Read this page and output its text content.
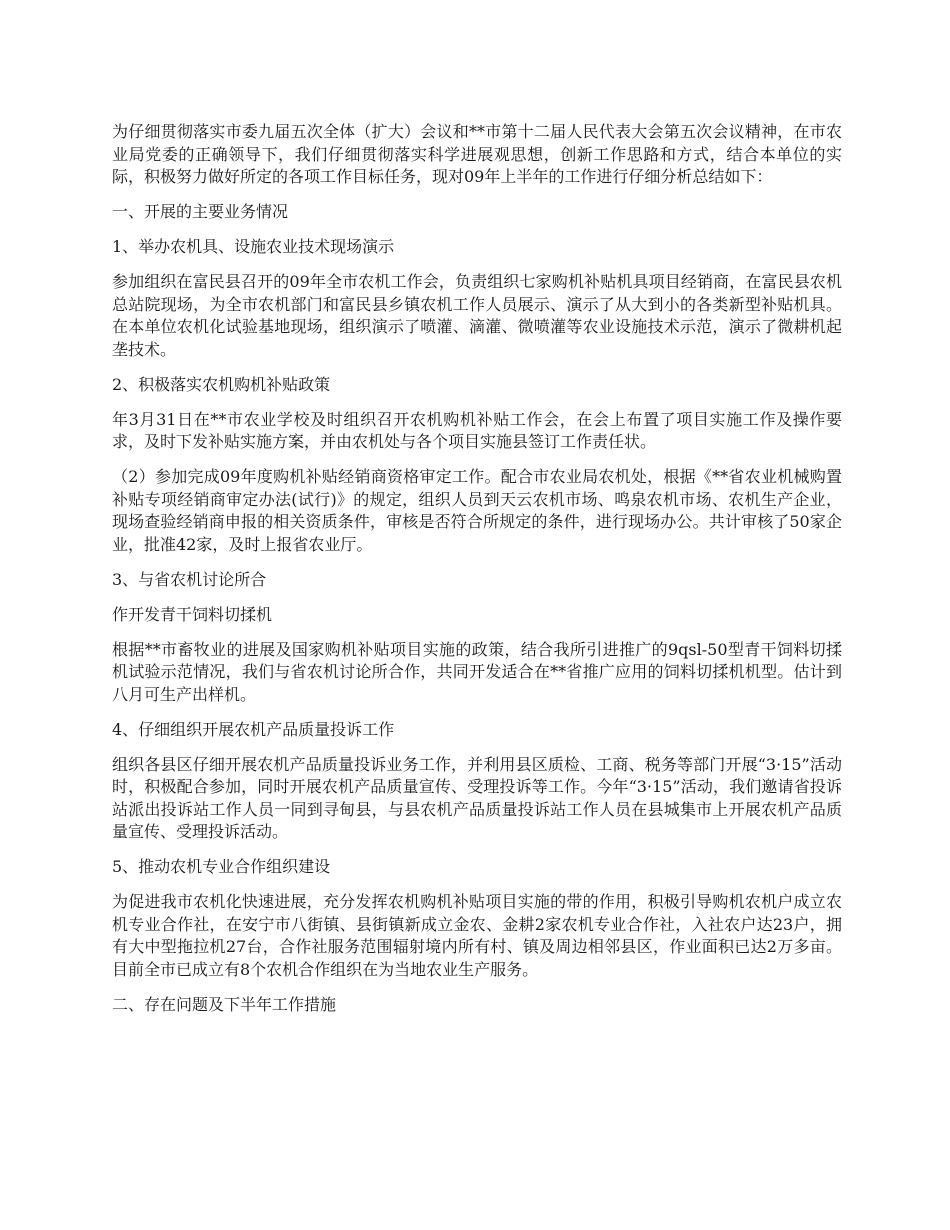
为仔细贯彻落实市委九届五次全体（扩大）会议和**市第十二届人民代表大会第五次会议精神，在市农业局党委的正确领导下，我们仔细贯彻落实科学进展观思想，创新工作思路和方式，结合本单位的实际，积极努力做好所定的各项工作目标任务，现对09年上半年的工作进行仔细分析总结如下：

一、开展的主要业务情况

1、举办农机具、设施农业技术现场演示

参加组织在富民县召开的09年全市农机工作会，负责组织七家购机补贴机具项目经销商，在富民县农机总站院现场，为全市农机部门和富民县乡镇农机工作人员展示、演示了从大到小的各类新型补贴机具。在本单位农机化试验基地现场，组织演示了喷灌、滴灌、微喷灌等农业设施技术示范，演示了微耕机起垄技术。

2、积极落实农机购机补贴政策

年3月31日在**市农业学校及时组织召开农机购机补贴工作会，在会上布置了项目实施工作及操作要求，及时下发补贴实施方案，并由农机处与各个项目实施县签订工作责任状。

（2）参加完成09年度购机补贴经销商资格审定工作。配合市农业局农机处，根据《**省农业机械购置补贴专项经销商审定办法(试行)》的规定，组织人员到天云农机市场、鸣泉农机市场、农机生产企业，现场查验经销商申报的相关资质条件，审核是否符合所规定的条件，进行现场办公。共计审核了50家企业，批准42家，及时上报省农业厅。

3、与省农机讨论所合

作开发青干饲料切揉机

根据**市畜牧业的进展及国家购机补贴项目实施的政策，结合我所引进推广的9qsl-50型青干饲料切揉机试验示范情况，我们与省农机讨论所合作，共同开发适合在**省推广应用的饲料切揉机机型。估计到八月可生产出样机。

4、仔细组织开展农机产品质量投诉工作

组织各县区仔细开展农机产品质量投诉业务工作，并利用县区质检、工商、税务等部门开展“3·15”活动时，积极配合参加，同时开展农机产品质量宣传、受理投诉等工作。今年“3·15”活动，我们邀请省投诉站派出投诉站工作人员一同到寻甸县，与县农机产品质量投诉站工作人员在县城集市上开展农机产品质量宣传、受理投诉活动。

5、推动农机专业合作组织建设

为促进我市农机化快速进展，充分发挥农机购机补贴项目实施的带的作用，积极引导购机农机户成立农机专业合作社，在安宁市八街镇、县街镇新成立金农、金耕2家农机专业合作社，入社农户达23户，拥有大中型拖拉机27台，合作社服务范围辐射境内所有村、镇及周边相邻县区，作业面积已达2万多亩。目前全市已成立有8个农机合作组织在为当地农业生产服务。

二、存在问题及下半年工作措施
